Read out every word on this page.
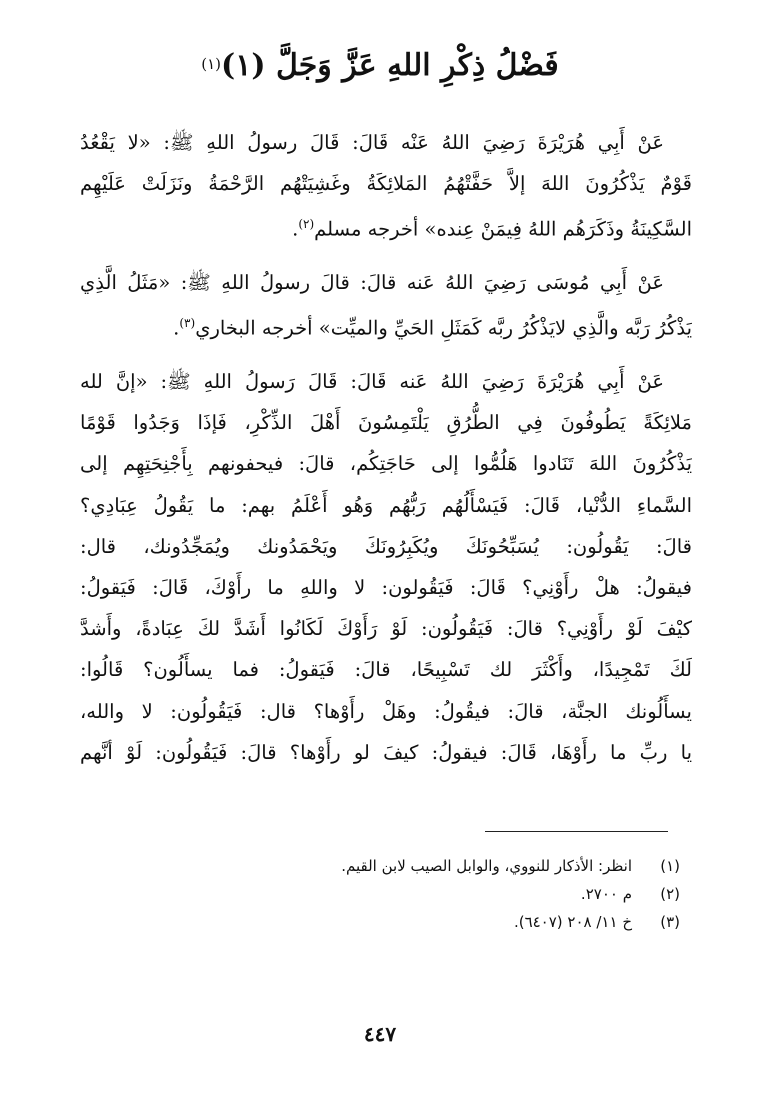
فَضْلُ ذِكْرِ اللهِ عَزَّ وَجَلَّ (١)$^{(١)}$
عَنْ أَبِي هُرَيْرَةَ رَضِيَ اللهُ عَنْه قَالَ: قَالَ رسولُ اللهِ ﷺ: «لا يَقْعُدُ
قَوْمٌ يَذْكُرُونَ اللهَ إلاَّ حَفَّتْهُمُ المَلائِكَةُ وغَشِيَتْهُم الرَّحْمَةُ ونَزَلَتْ عَلَيْهِم
السَّكِينَةُ وذَكَرَهُم اللهُ فِيمَنْ عِنده» أخرجه مسلم$^{(٢)}$.
عَنْ أَبِي مُوسَى رَضِيَ اللهُ عَنه قالَ: قالَ رسولُ اللهِ ﷺ: «مَثَلُ الَّذِي
يَذْكُرُ رَبَّه والَّذِي لايَذْكُرُ ربَّه كَمَثَلِ الحَيِّ والميِّت» أخرجه البخاري$^{(٣)}$.
عَنْ أَبِي هُرَيْرَةَ رَضِيَ اللهُ عَنه قَالَ: قَالَ رَسولُ اللهِ ﷺ: «إنَّ لله
مَلائِكَةً يَطُوفُونَ فِي الطُّرُقِ يَلْتَمِسُونَ أَهْلَ الذِّكْرِ، فَإذَا وَجَدُوا قَوْمًا
يَذْكُرُونَ اللهَ تَنَادوا هَلُمُّوا إلى حَاجَتِكُم، قالَ: فيحفونهم بِأَجْنِحَتِهِم إلى
السَّماءِ الدُّنْيا، قَالَ: فَيَسْأَلُهُم رَبُّهُم وَهُو أَعْلَمُ بهم: ما يَقُولُ عِبَادِي؟
قالَ: يَقُولُون: يُسَبِّحُونَكَ ويُكَبِرُونَكَ ويَحْمَدُونك ويُمَجِّدُونك، قال:
فيقولُ: هلْ رأَوْنِي؟ قَالَ: فَيَقُولون: لا واللهِ ما رأَوْكَ، قَالَ: فَيَقولُ:
كيْفَ لَوْ رأَوْنِي؟ قالَ: فَيَقُولُون: لَوْ رَأَوْكَ لَكَانُوا أَشَدَّ لكَ عِبَادةً، وأَشدَّ
لَكَ تَمْجِيدًا، وأَكْثَرَ لك تَسْبِيحًا، قالَ: فَيَقولُ: فما يسأَلُون؟ قَالُوا:
يسأَلُونك الجنَّة، قالَ: فيقُولُ: وهَلْ رأَوْها؟ قال: فَيَقُولُون: لا والله،
يا ربِّ ما رأَوْهَا، قَالَ: فيقولُ: كيفَ لو رأَوْها؟ قالَ: فَيَقُولُون: لَوْ أنَّهم
(١)
انظر: الأذكار للنووي، والوابل الصيب لابن القيم.
(٢)
م ٢٧٠٠.
(٣)
خ ١١/ ٢٠٨ (٦٤٠٧).
٤٤٧
